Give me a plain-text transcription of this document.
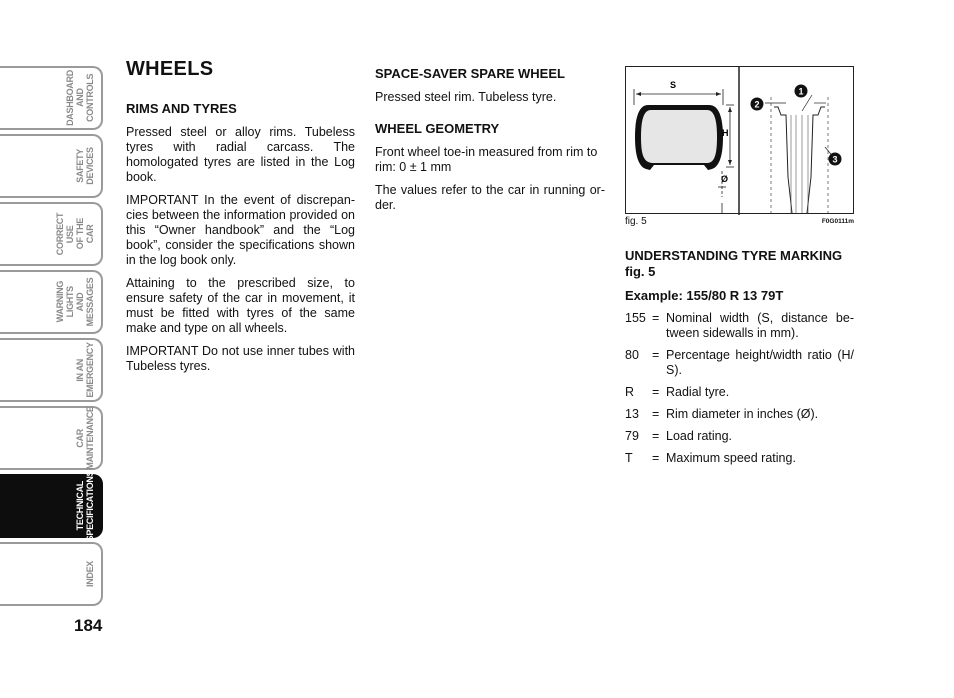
DASHBOARD
AND CONTROLS
SAFETY
DEVICES
CORRECT USE
OF THE CAR
WARNING
LIGHTS AND
MESSAGES
IN AN
EMERGENCY
CAR
MAINTENANCE
TECHNICAL
SPECIFICATIONS
INDEX
184
WHEELS
RIMS AND TYRES

Pressed steel or alloy rims. Tubeless tyres with radial carcass. The homologated tyres are listed in the Log book.

IMPORTANT In the event of discrepan-cies between the information provided on this “Owner handbook” and the “Log book”, consider the specifications shown in the log book only.

Attaining to the prescribed size, to ensure safety of the car in movement, it must be fitted with tyres of the same make and type on all wheels.

IMPORTANT Do not use inner tubes with Tubeless tyres.

SPACE-SAVER SPARE WHEEL

Pressed steel rim. Tubeless tyre.

WHEEL GEOMETRY

Front wheel toe-in measured from rim to rim: 0 ± 1 mm

The values refer to the car in running or-der.

S
H
Ø
2
1
3
fig. 5	F0G0111m
UNDERSTANDING TYRE MARKING fig. 5
Example: 155/80 R 13 79T
155 = Nominal width (S, distance be-tween sidewalls in mm).
80	= Percentage height/width ratio (H/ S).
R	= Radial tyre.
13	= Rim diameter in inches (Ø).
79	= Load rating.
T	= Maximum speed rating.
